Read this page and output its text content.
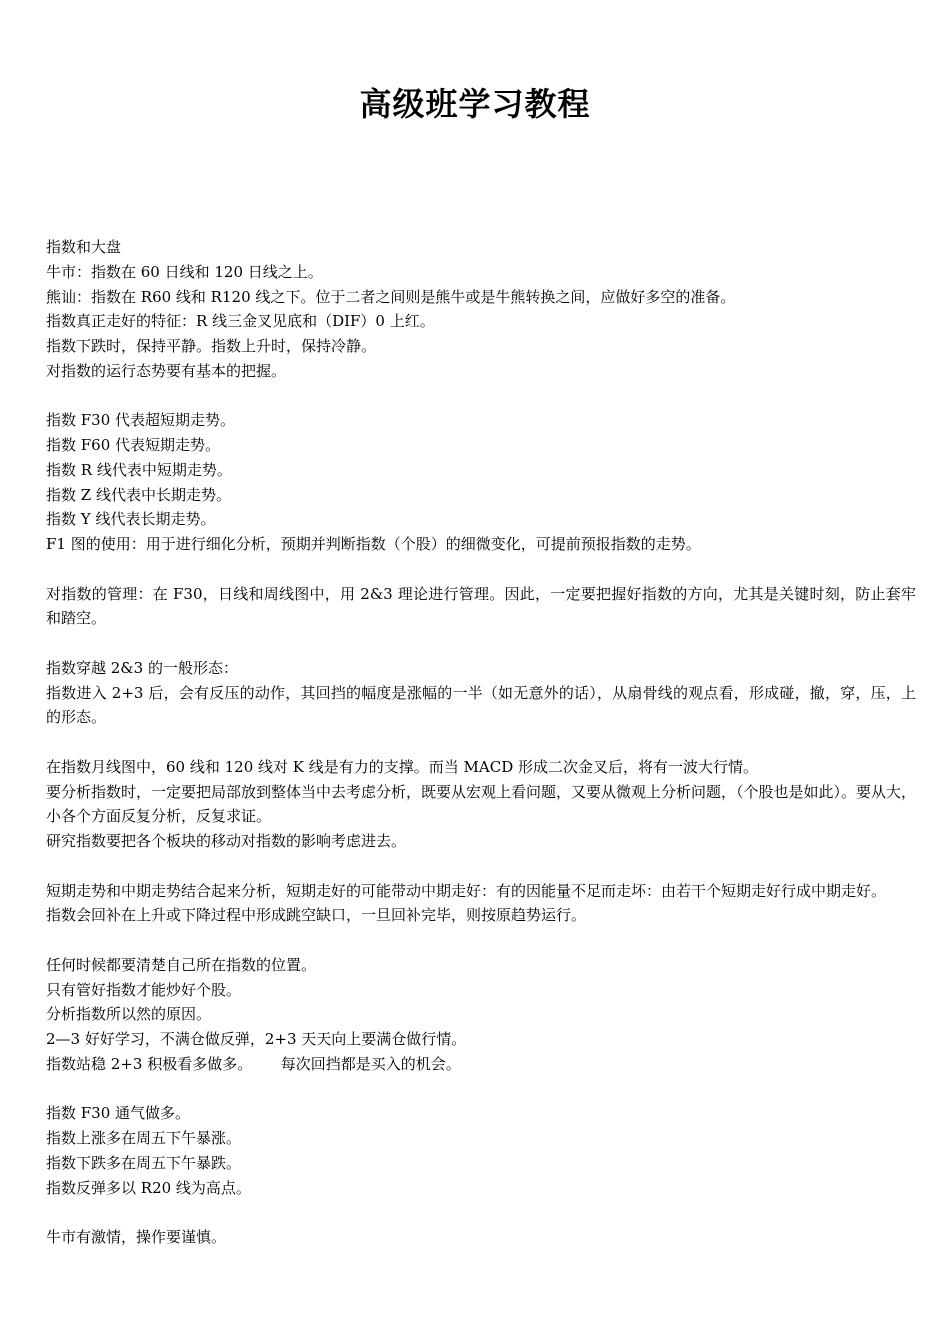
高级班学习教程
指数和大盘
牛市：指数在 60 日线和 120 日线之上。
熊讪：指数在 R60 线和 R120 线之下。位于二者之间则是熊牛或是牛熊转换之间，应做好多空的准备。
指数真正走好的特征：R 线三金叉见底和（DIF）0 上红。
指数下跌时，保持平静。指数上升时，保持冷静。
对指数的运行态势要有基本的把握。
指数 F30 代表超短期走势。
指数 F60 代表短期走势。
指数 R 线代表中短期走势。
指数 Z 线代表中长期走势。
指数 Y 线代表长期走势。
F1 图的使用：用于进行细化分析，预期并判断指数（个股）的细微变化，可提前预报指数的走势。
对指数的管理：在 F30，日线和周线图中，用 2&3 理论进行管理。因此，一定要把握好指数的方向，尤其是关键时刻，防止套牢和踏空。
指数穿越 2&3 的一般形态：
指数进入 2+3 后，会有反压的动作，其回挡的幅度是涨幅的一半（如无意外的话），从扇骨线的观点看，形成碰，撤，穿，压，上的形态。
在指数月线图中，60 线和 120 线对 K 线是有力的支撑。而当 MACD 形成二次金叉后，将有一波大行情。
要分析指数时，一定要把局部放到整体当中去考虑分析，既要从宏观上看问题，又要从微观上分析问题，（个股也是如此）。要从大，小各个方面反复分析，反复求证。
研究指数要把各个板块的移动对指数的影响考虑进去。
短期走势和中期走势结合起来分析，短期走好的可能带动中期走好：有的因能量不足而走坏：由若干个短期走好行成中期走好。
指数会回补在上升或下降过程中形成跳空缺口，一旦回补完毕，则按原趋势运行。
任何时候都要清楚自己所在指数的位置。
只有管好指数才能炒好个股。
分析指数所以然的原因。
2—3 好好学习，不满仓做反弹，2+3 天天向上要满仓做行情。
指数站稳 2+3 积极看多做多。      每次回挡都是买入的机会。
指数 F30 通气做多。
指数上涨多在周五下午暴涨。
指数下跌多在周五下午暴跌。
指数反弹多以 R20 线为高点。
牛市有激情，操作要谨慎。
